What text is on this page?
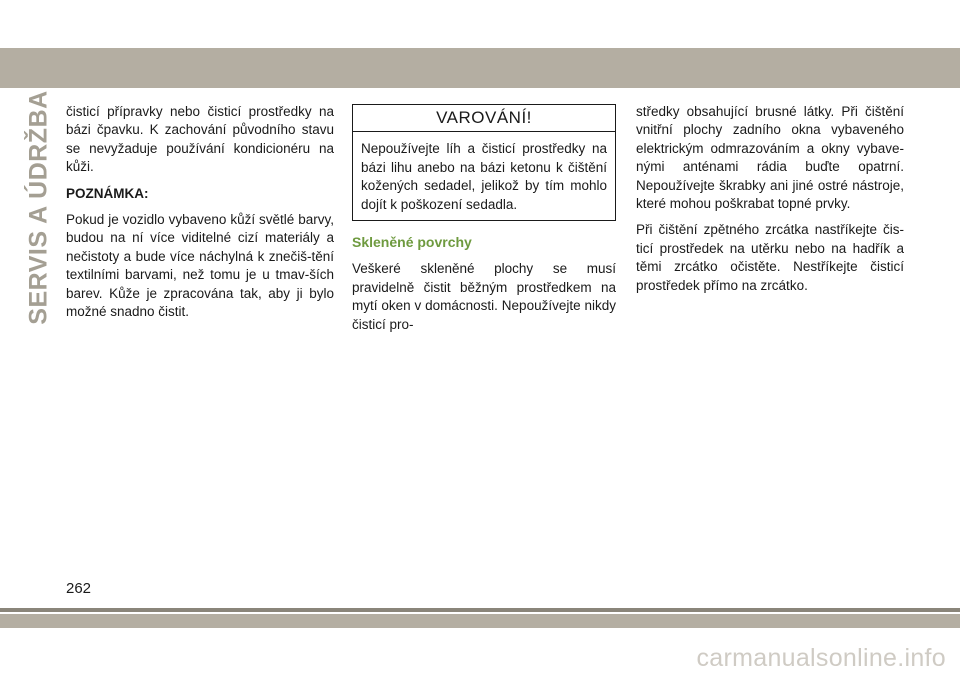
SERVIS A ÚDRŽBA čisticí přípravky nebo čisticí prostředky na bázi čpavku. K zachování původního stavu se nevyžaduje používání kondicionéru na kůži.

POZNÁMKA:

Pokud je vozidlo vybaveno kůží světlé barvy, budou na ní více viditelné cizí materiály a nečistoty a bude více náchylná k znečiš-tění textilními barvami, než tomu je u tmav-ších barev. Kůže je zpracována tak, aby ji bylo možné snadno čistit.

VAROVÁNÍ!
Nepoužívejte líh a čisticí prostředky na bázi lihu anebo na bázi ketonu k čištění kožených sedadel, jelikož by tím mohlo dojít k poškození sedadla.
Skleněné povrchy

Veškeré skleněné plochy se musí pravidelně čistit běžným prostředkem na mytí oken v domácnosti. Nepoužívejte nikdy čisticí pro-

středky obsahující brusné látky. Při čištění vnitřní plochy zadního okna vybaveného elektrickým odmrazováním a okny vybave-nými anténami rádia buďte opatrní. Nepoužívejte škrabky ani jiné ostré nástroje, které mohou poškrabat topné prvky.

Při čištění zpětného zrcátka nastříkejte čis-ticí prostředek na utěrku nebo na hadřík a těmi zrcátko očistěte. Nestříkejte čisticí prostředek přímo na zrcátko.

262
carmanualsonline.info
